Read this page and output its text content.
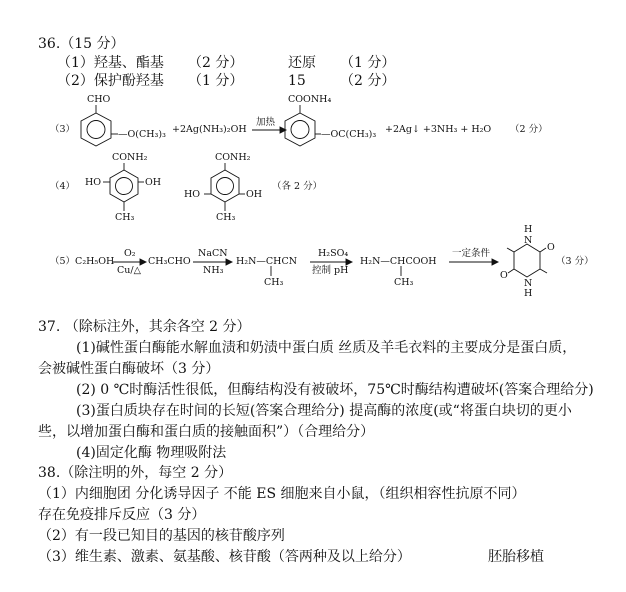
36.（15 分）
（1）羟基、酯基 （2 分）	还原 （1 分）
（2）保护酚羟基 （1 分）	15 （2 分）
（3）
CHO
—O(CH₃)₃ +2Ag(NH₃)₂OH
加热
COONH₄
—OC(CH₃)₃ +2Ag↓ +3NH₃ + H₂O （2 分）
（4）
CONH₂
HO	OH
CH₃
CONH₂
HO	OH
CH₃
（各 2 分）
（5）C₂H₅OH
O₂
Cu/△
CH₃CHO
NaCN
NH₃
H₂N—CHCN
CH₃
H₂SO₄
控制 pH
H₂N—CHCOOH
CH₃
一定条件
H
N
O
O
N
H
（3 分）
37. （除标注外，其余各空 2 分）
(1)碱性蛋白酶能水解血渍和奶渍中蛋白质 丝质及羊毛衣料的主要成分是蛋白质，
会被碱性蛋白酶破坏（3 分）
(2) 0 ℃时酶活性很低，但酶结构没有被破坏，75℃时酶结构遭破坏(答案合理给分)
(3)蛋白质块存在时间的长短(答案合理给分) 提高酶的浓度(或“将蛋白块切的更小
些，以增加蛋白酶和蛋白质的接触面积”）（合理给分）
(4)固定化酶 物理吸附法
38.（除注明的外，每空 2 分）
（1）内细胞团 分化诱导因子 不能 ES 细胞来自小鼠，（组织相容性抗原不同）
存在免疫排斥反应（3 分）
（2）有一段已知目的基因的核苷酸序列
（3）维生素、激素、氨基酸、核苷酸（答两种及以上给分）	胚胎移植
